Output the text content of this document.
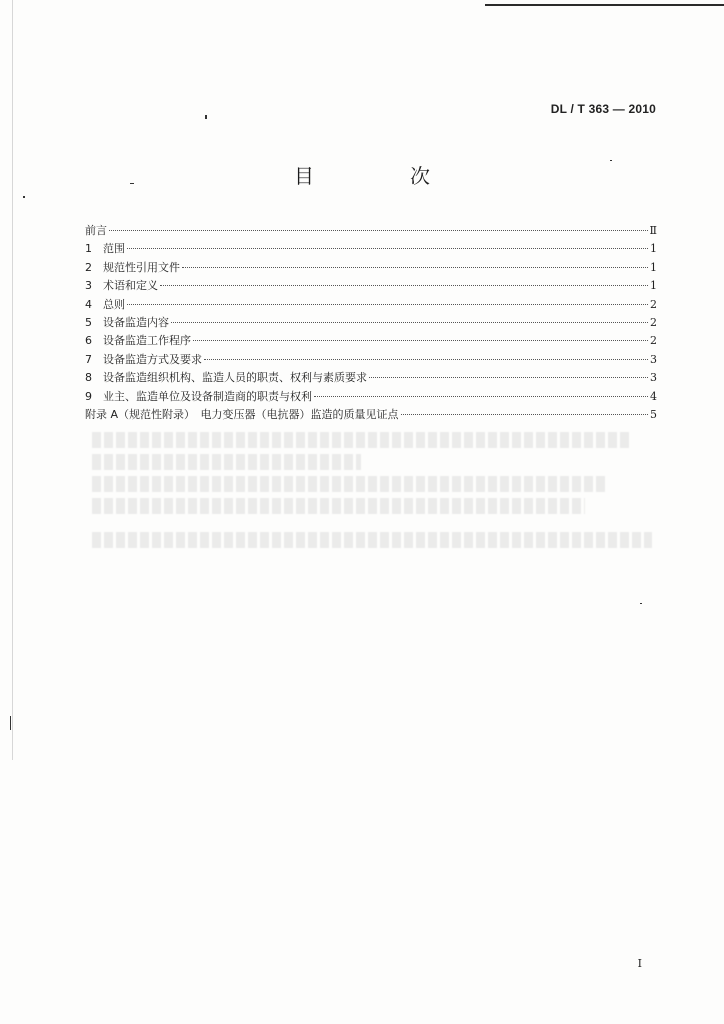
DL / T 363 — 2010
目　次
前言	Ⅱ
1	范围	1
2	规范性引用文件	1
3	术语和定义	1
4	总则	2
5	设备监造内容	2
6	设备监造工作程序	2
7	设备监造方式及要求	3
8	设备监造组织机构、监造人员的职责、权利与素质要求	3
9	业主、监造单位及设备制造商的职责与权利	4
附录 A（规范性附录）　电力变压器（电抗器）监造的质量见证点	5
I
